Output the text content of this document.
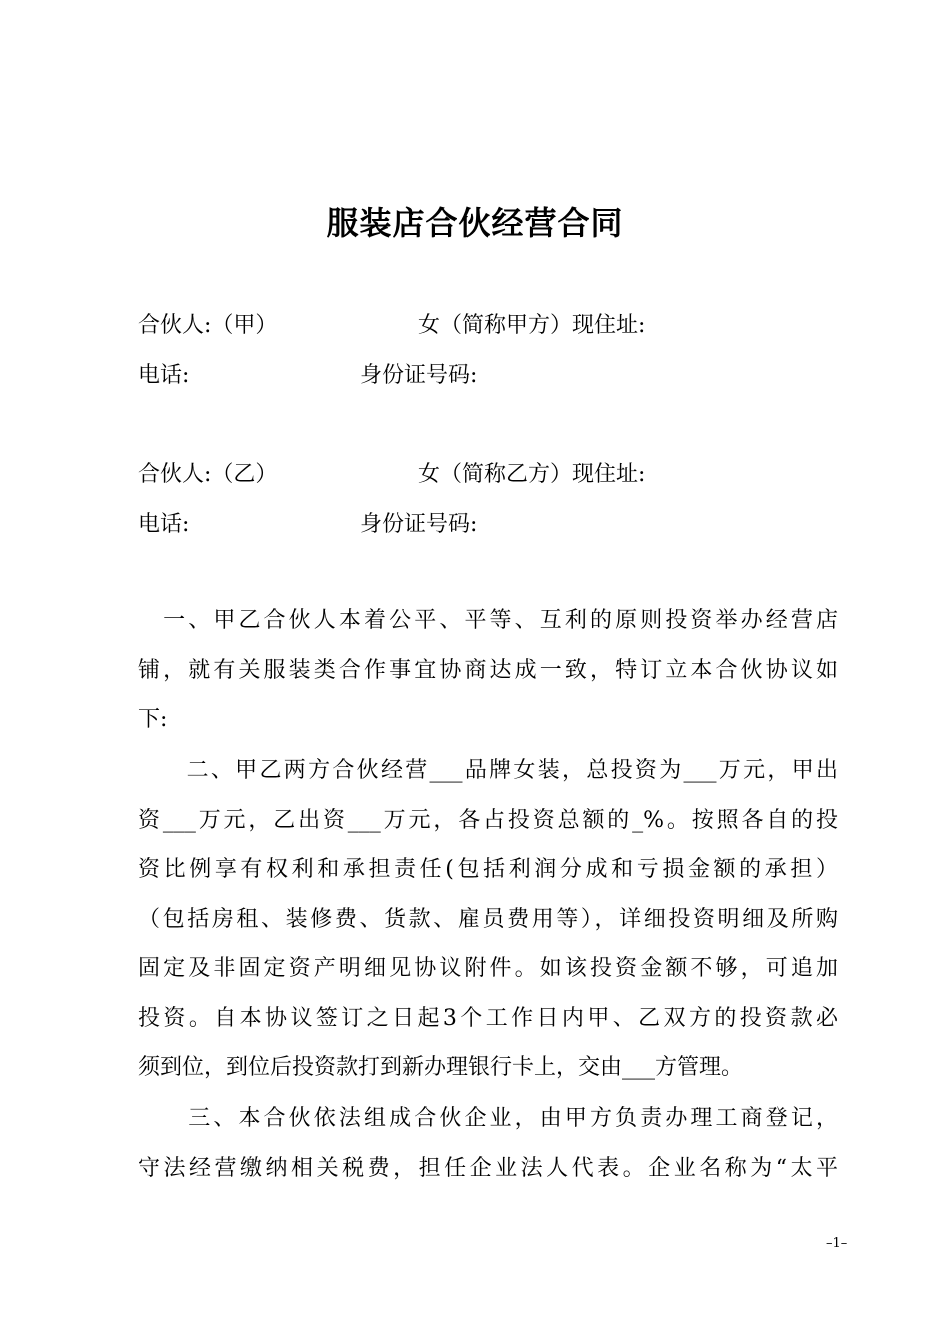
服装店合伙经营合同
合伙人:（甲）	女（简称甲方）现住址:
电话:	身份证号码:
合伙人:（乙）	女（简称乙方）现住址:
电话:	身份证号码:
　一、甲乙合伙人本着公平、平等、互利的原则投资举办经营店
铺，就有关服装类合作事宜协商达成一致，特订立本合伙协议如
下:
　　二、甲乙两方合伙经营___品牌女装，总投资为___万元，甲出
资___万元，乙出资___万元，各占投资总额的_%。按照各自的投
资比例享有权利和承担责任(包括利润分成和亏损金额的承担）
（包括房租、装修费、货款、雇员费用等），详细投资明细及所购
固定及非固定资产明细见协议附件。如该投资金额不够，可追加
投资。自本协议签订之日起3个工作日内甲、乙双方的投资款必
须到位，到位后投资款打到新办理银行卡上，交由___方管理。
　　三、本合伙依法组成合伙企业，由甲方负责办理工商登记，
守法经营缴纳相关税费，担任企业法人代表。企业名称为“太平
–1–
